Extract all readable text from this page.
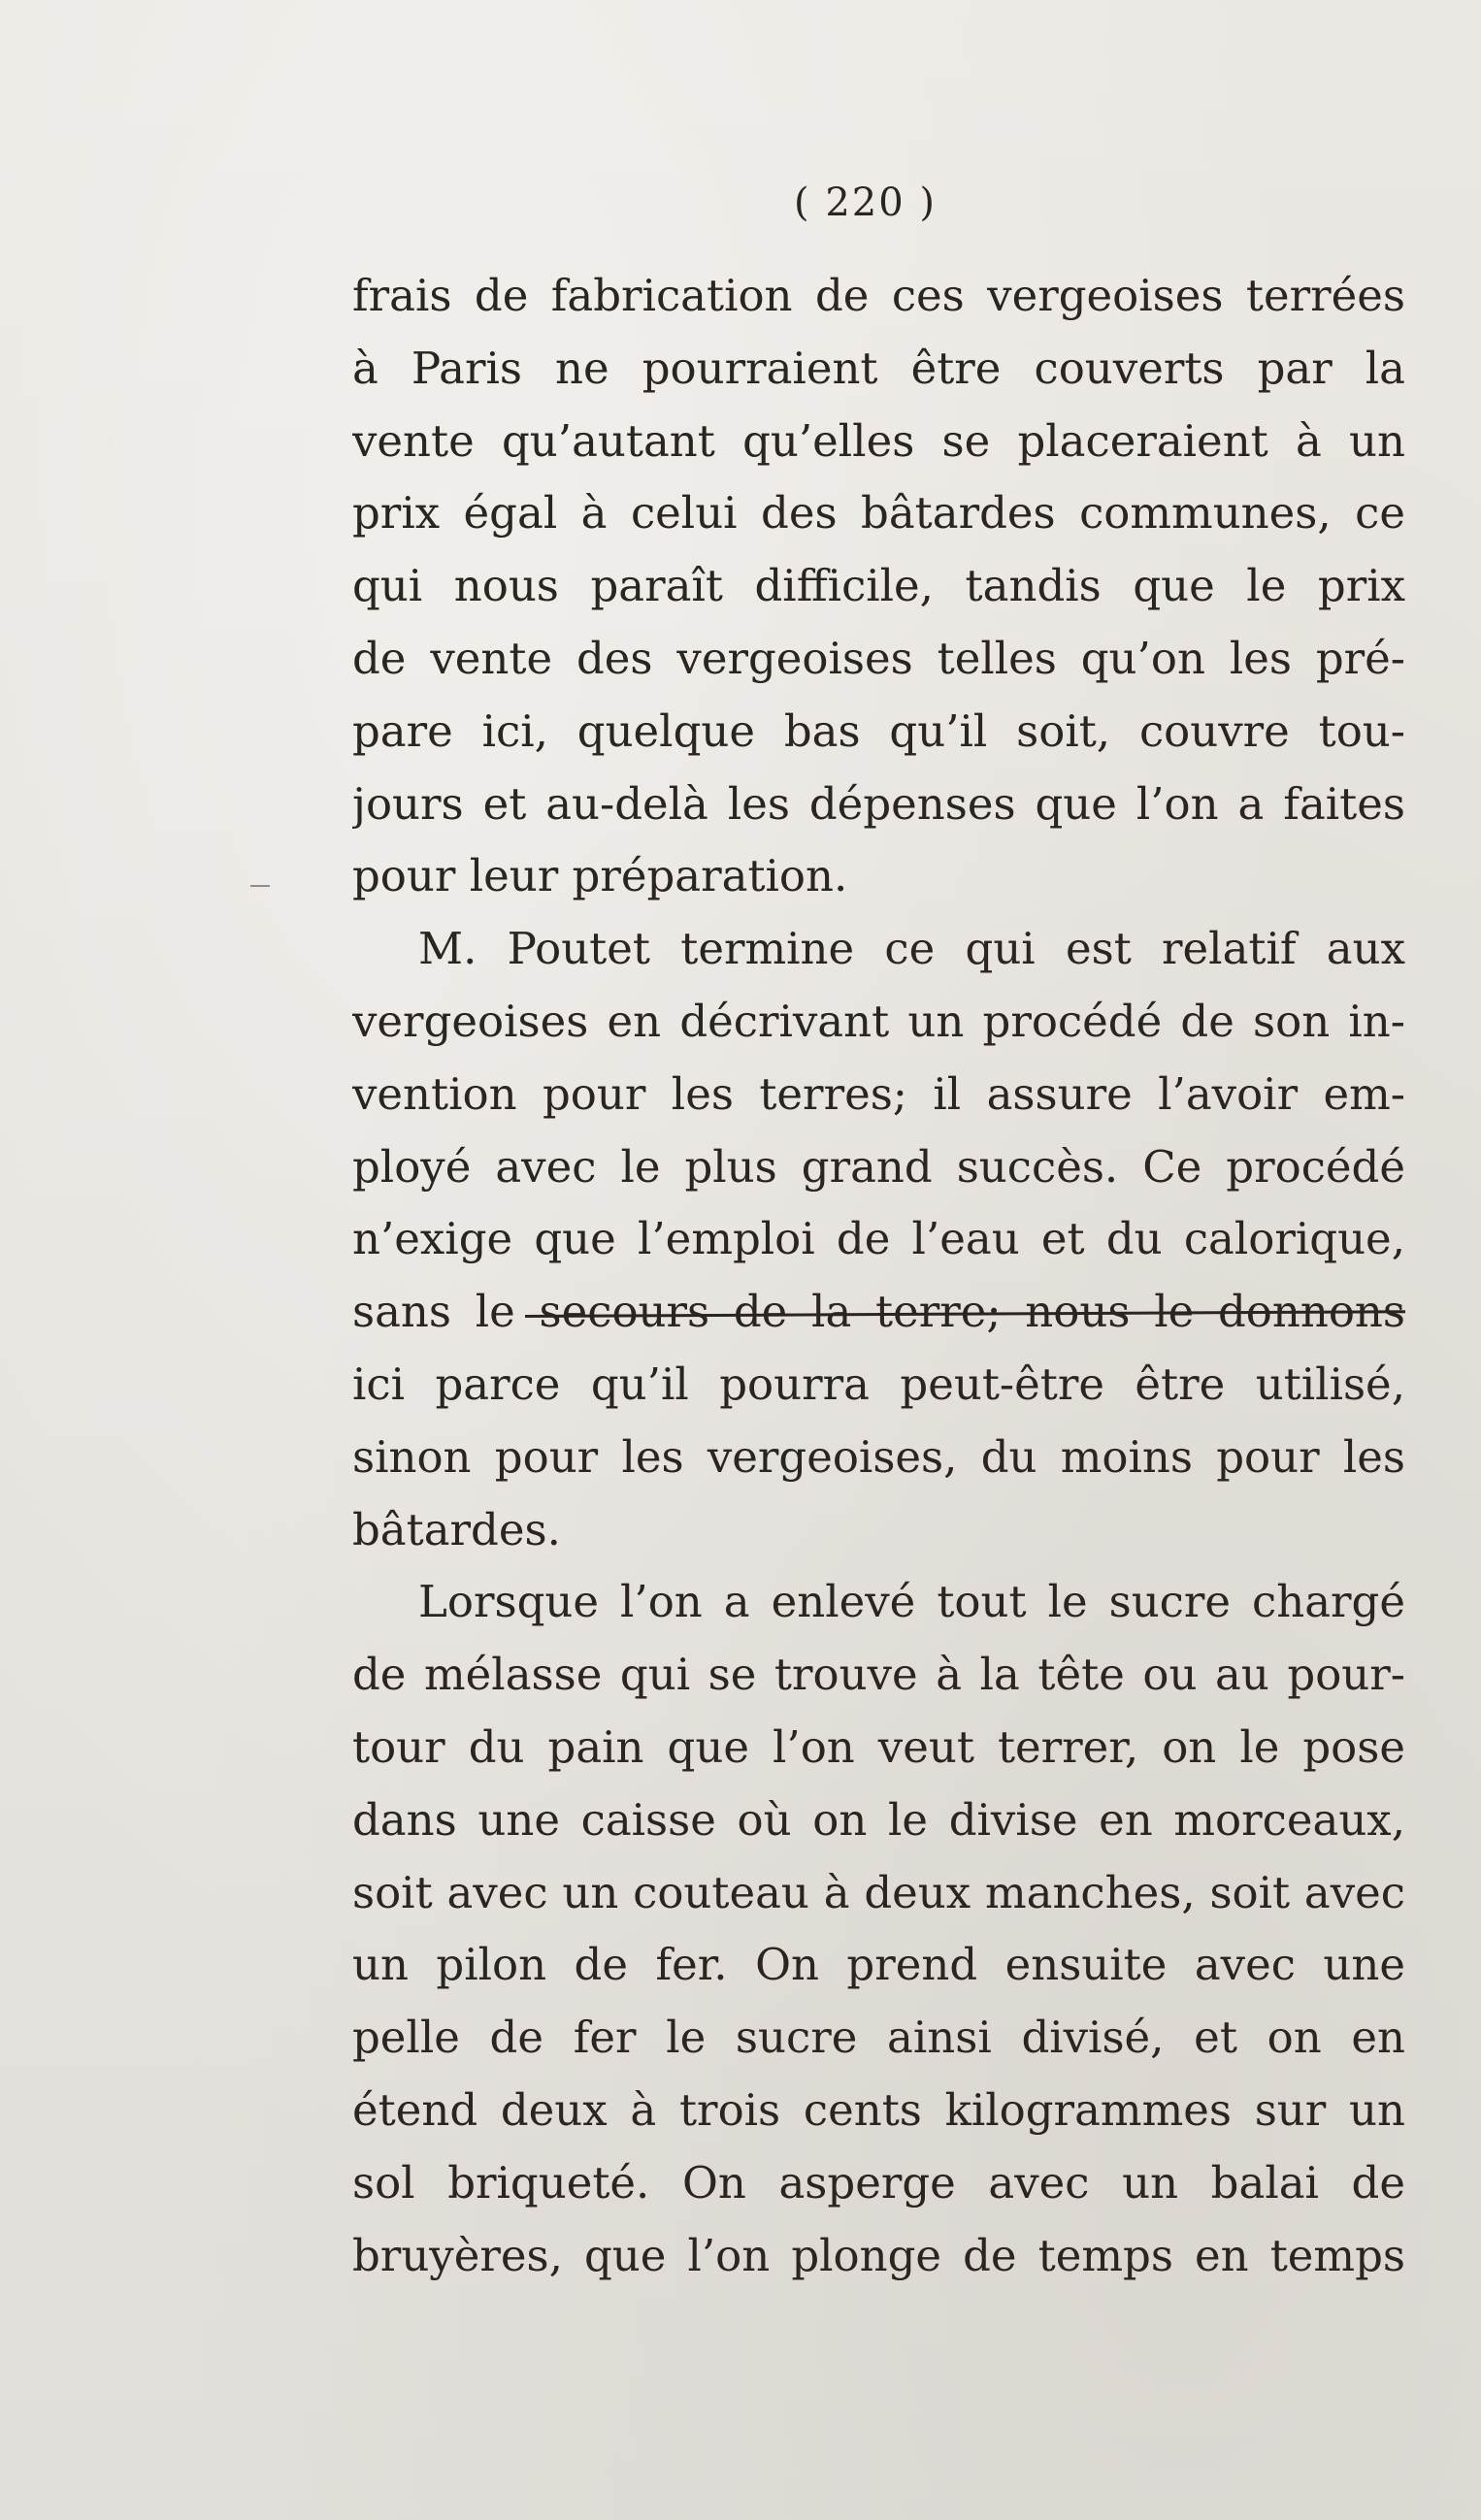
( 220 )
frais de fabrication de ces vergeoises terrées
à Paris ne pourraient être couverts par la
vente qu’autant qu’elles se placeraient à un
prix égal à celui des bâtardes communes, ce
qui nous paraît difficile, tandis que le prix
de vente des vergeoises telles qu’on les pré-
pare ici, quelque bas qu’il soit, couvre tou-
jours et au-delà les dépenses que l’on a faites
pour leur préparation.
M. Poutet termine ce qui est relatif aux
vergeoises en décrivant un procédé de son in-
vention pour les terres; il assure l’avoir em-
ployé avec le plus grand succès. Ce procédé
n’exige que l’emploi de l’eau et du calorique,
sans le secours de la terre; nous le donnons
ici parce qu’il pourra peut-être être utilisé,
sinon pour les vergeoises, du moins pour les
bâtardes.
Lorsque l’on a enlevé tout le sucre chargé
de mélasse qui se trouve à la tête ou au pour-
tour du pain que l’on veut terrer, on le pose
dans une caisse où on le divise en morceaux,
soit avec un couteau à deux manches, soit avec
un pilon de fer. On prend ensuite avec une
pelle de fer le sucre ainsi divisé, et on en
étend deux à trois cents kilogrammes sur un
sol briqueté. On asperge avec un balai de
bruyères, que l’on plonge de temps en temps
